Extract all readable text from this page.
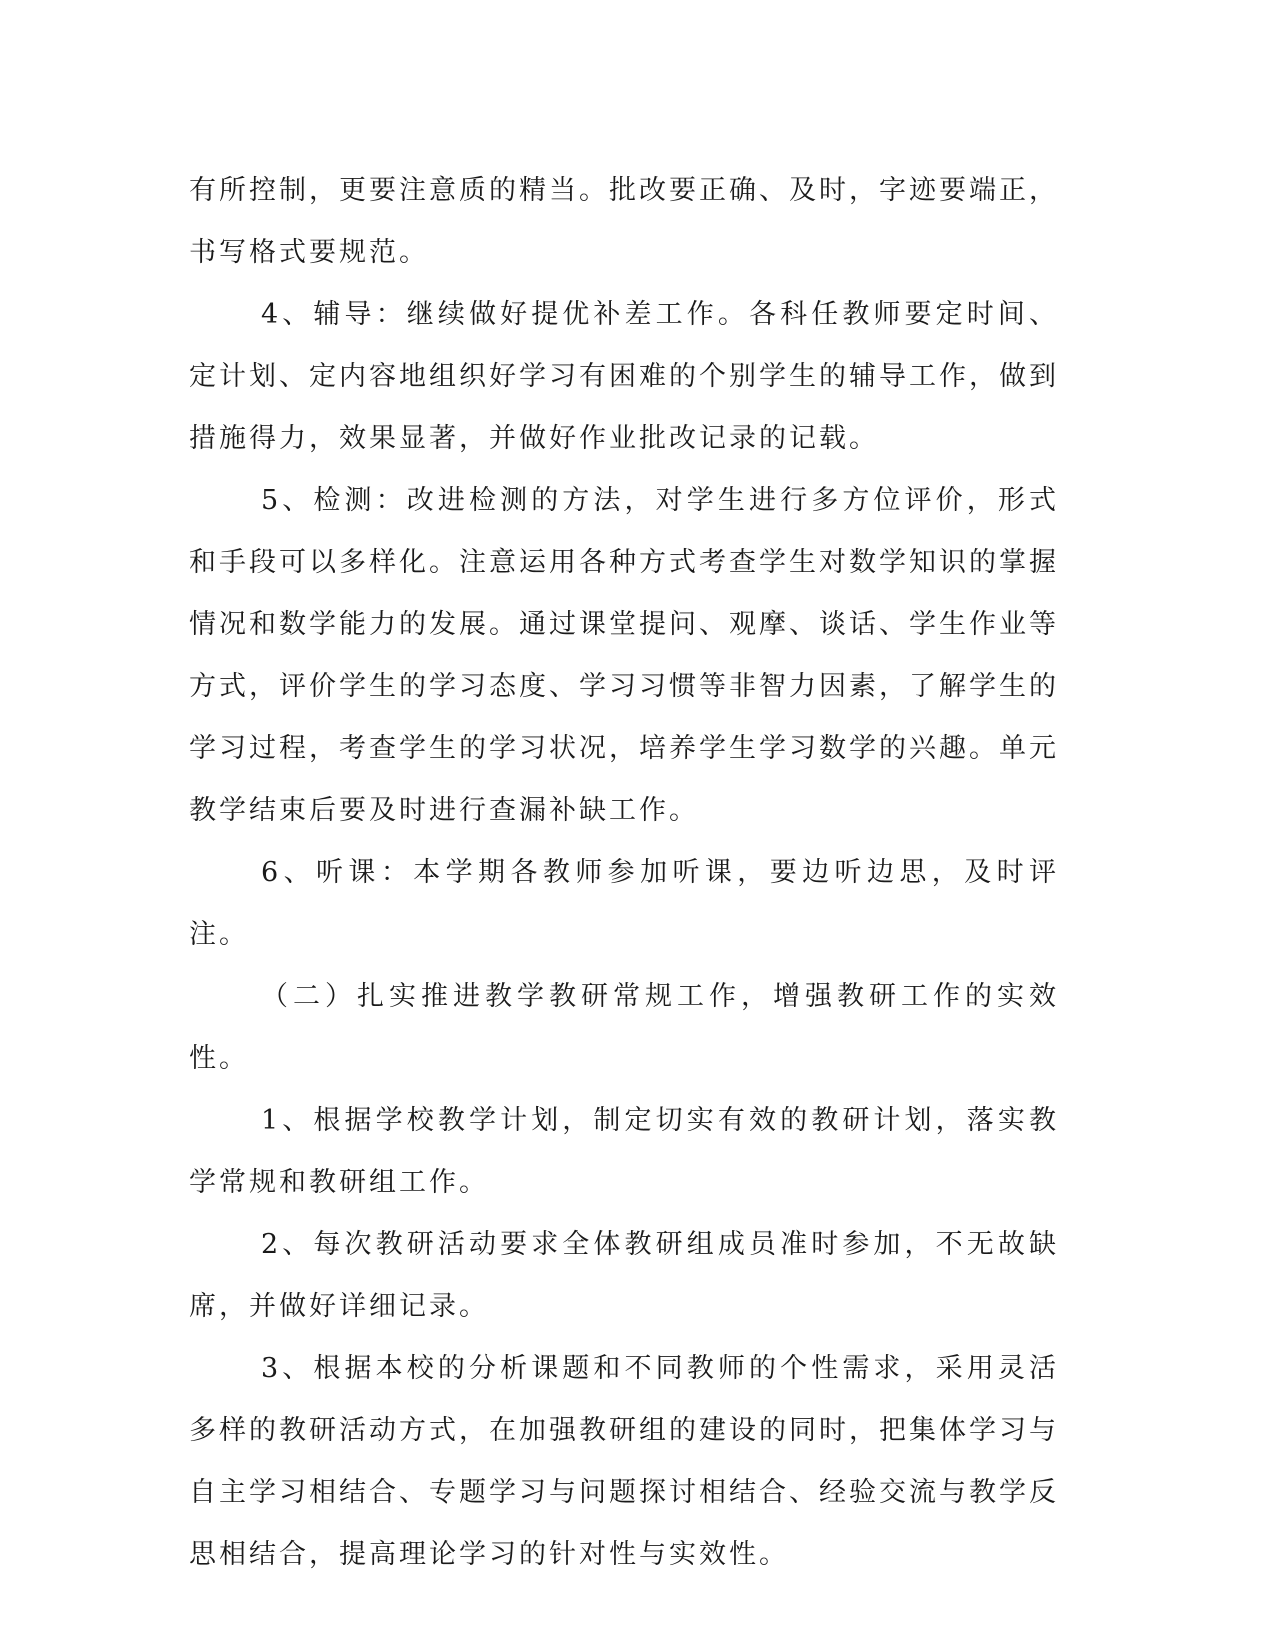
有所控制，更要注意质的精当。批改要正确、及时，字迹要端正，书写格式要规范。

4、辅导：继续做好提优补差工作。各科任教师要定时间、定计划、定内容地组织好学习有困难的个别学生的辅导工作，做到措施得力，效果显著，并做好作业批改记录的记载。

5、检测：改进检测的方法，对学生进行多方位评价，形式和手段可以多样化。注意运用各种方式考查学生对数学知识的掌握情况和数学能力的发展。通过课堂提问、观摩、谈话、学生作业等方式，评价学生的学习态度、学习习惯等非智力因素，了解学生的学习过程，考查学生的学习状况，培养学生学习数学的兴趣。单元教学结束后要及时进行查漏补缺工作。

6、听课：本学期各教师参加听课，要边听边思，及时评注。

（二）扎实推进教学教研常规工作，增强教研工作的实效性。

1、根据学校教学计划，制定切实有效的教研计划，落实教学常规和教研组工作。

2、每次教研活动要求全体教研组成员准时参加，不无故缺席，并做好详细记录。

3、根据本校的分析课题和不同教师的个性需求，采用灵活多样的教研活动方式，在加强教研组的建设的同时，把集体学习与自主学习相结合、专题学习与问题探讨相结合、经验交流与教学反思相结合，提高理论学习的针对性与实效性。
